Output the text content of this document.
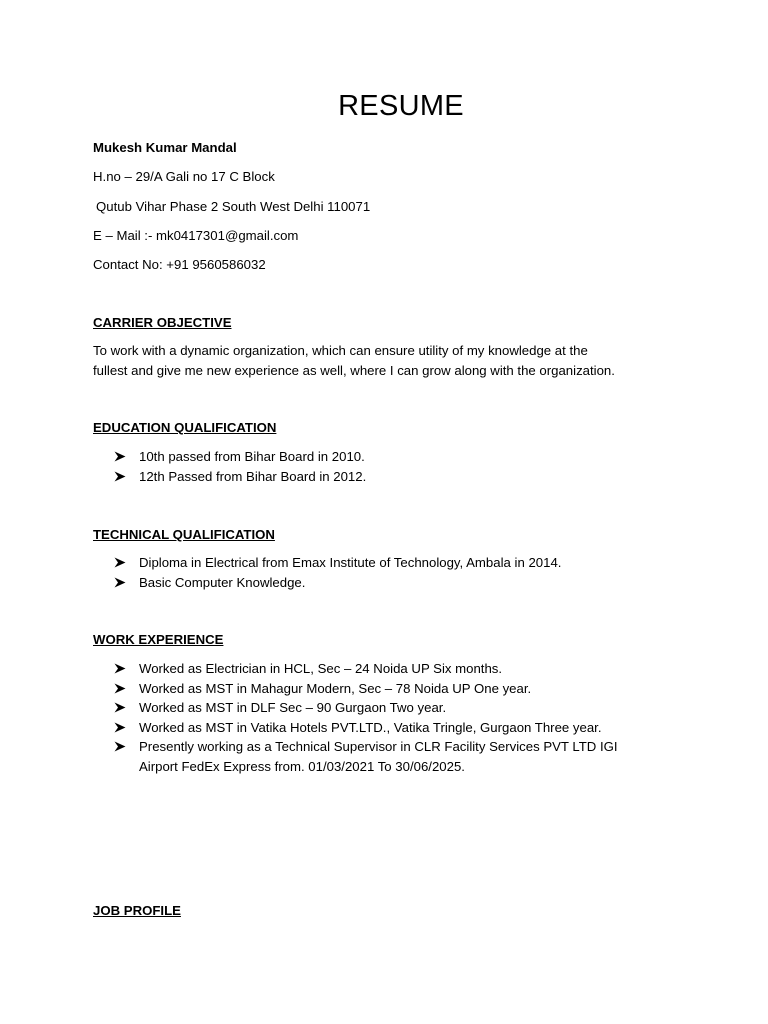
RESUME
Mukesh Kumar Mandal
H.no – 29/A Gali no 17 C Block
Qutub Vihar Phase 2 South West Delhi 110071
E – Mail :- mk0417301@gmail.com
Contact No: +91 9560586032
CARRIER OBJECTIVE
To work with a dynamic organization, which can ensure utility of my knowledge at the
fullest and give me new experience as well, where I can grow along with the organization.
EDUCATION QUALIFICATION
10th passed from Bihar Board in 2010.
12th Passed from Bihar Board in 2012.
TECHNICAL QUALIFICATION
Diploma in Electrical from Emax Institute of Technology, Ambala in 2014.
Basic Computer Knowledge.
WORK EXPERIENCE
Worked as Electrician in HCL, Sec – 24 Noida UP Six months.
Worked as MST in Mahagur Modern, Sec – 78 Noida UP One year.
Worked as MST in DLF Sec – 90 Gurgaon Two year.
Worked as MST in Vatika Hotels PVT.LTD., Vatika Tringle, Gurgaon Three year.
Presently working as a Technical Supervisor in CLR Facility Services PVT LTD IGI
Airport FedEx Express from. 01/03/2021 To 30/06/2025.
JOB PROFILE
